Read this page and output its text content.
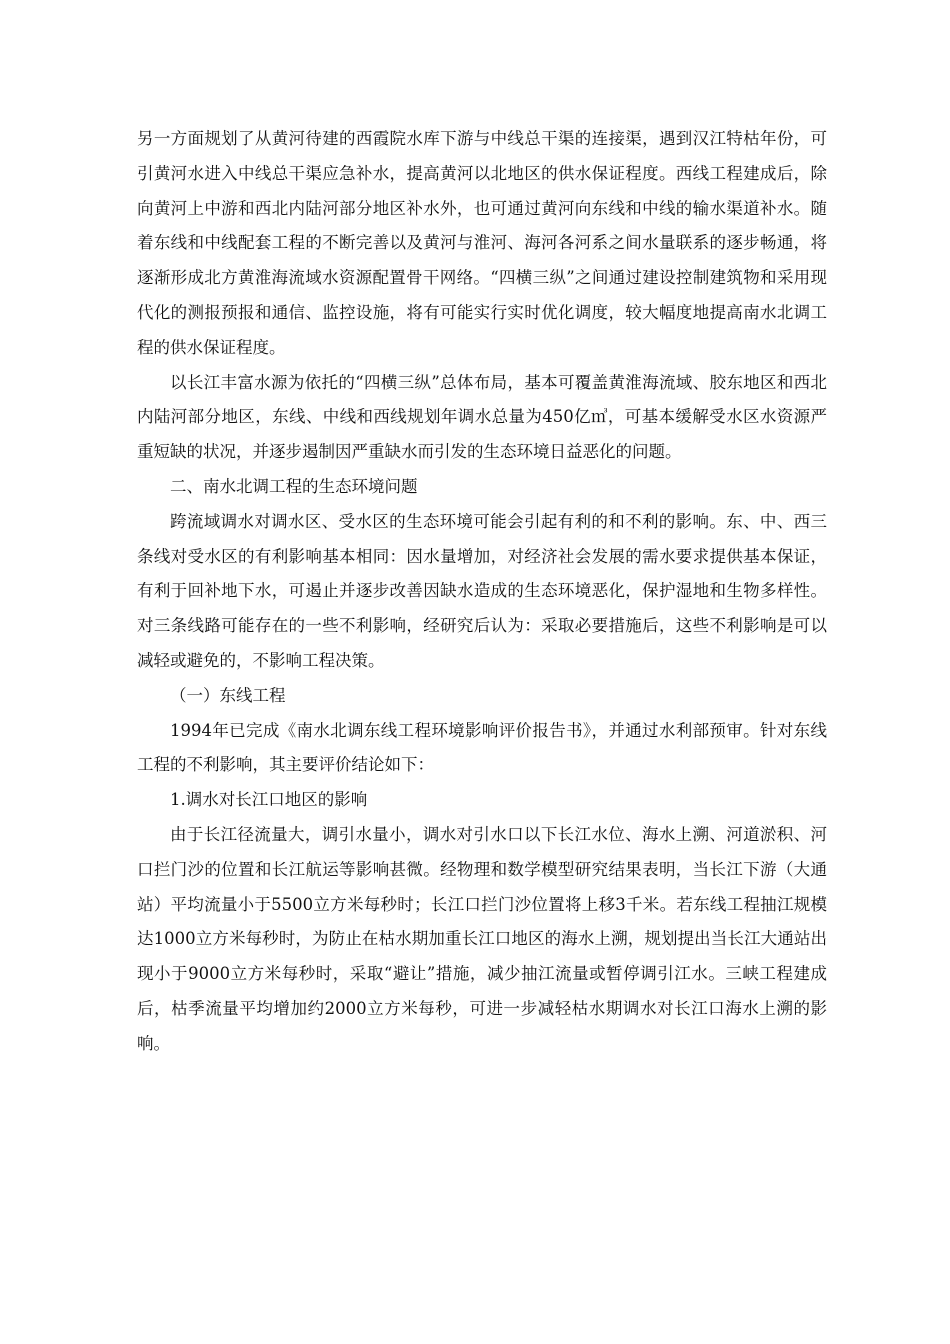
另一方面规划了从黄河待建的西霞院水库下游与中线总干渠的连接渠，遇到汉江特枯年份，可引黄河水进入中线总干渠应急补水，提高黄河以北地区的供水保证程度。西线工程建成后，除向黄河上中游和西北内陆河部分地区补水外，也可通过黄河向东线和中线的输水渠道补水。随着东线和中线配套工程的不断完善以及黄河与淮河、海河各河系之间水量联系的逐步畅通，将逐渐形成北方黄淮海流域水资源配置骨干网络。“四横三纵”之间通过建设控制建筑物和采用现代化的测报预报和通信、监控设施，将有可能实行实时优化调度，较大幅度地提高南水北调工程的供水保证程度。

以长江丰富水源为依托的“四横三纵”总体布局，基本可覆盖黄淮海流域、胶东地区和西北内陆河部分地区，东线、中线和西线规划年调水总量为450亿㎥，可基本缓解受水区水资源严重短缺的状况，并逐步遏制因严重缺水而引发的生态环境日益恶化的问题。

二、南水北调工程的生态环境问题

跨流域调水对调水区、受水区的生态环境可能会引起有利的和不利的影响。东、中、西三条线对受水区的有利影响基本相同：因水量增加，对经济社会发展的需水要求提供基本保证，有利于回补地下水，可遏止并逐步改善因缺水造成的生态环境恶化，保护湿地和生物多样性。对三条线路可能存在的一些不利影响，经研究后认为：采取必要措施后，这些不利影响是可以减轻或避免的，不影响工程决策。

（一）东线工程

1994年已完成《南水北调东线工程环境影响评价报告书》，并通过水利部预审。针对东线工程的不利影响，其主要评价结论如下：

1.调水对长江口地区的影响

由于长江径流量大，调引水量小，调水对引水口以下长江水位、海水上溯、河道淤积、河口拦门沙的位置和长江航运等影响甚微。经物理和数学模型研究结果表明，当长江下游（大通站）平均流量小于5500立方米每秒时；长江口拦门沙位置将上移3千米。若东线工程抽江规模达1000立方米每秒时，为防止在枯水期加重长江口地区的海水上溯，规划提出当长江大通站出现小于9000立方米每秒时，采取“避让”措施，减少抽江流量或暂停调引江水。三峡工程建成后，枯季流量平均增加约2000立方米每秒，可进一步减轻枯水期调水对长江口海水上溯的影响。
